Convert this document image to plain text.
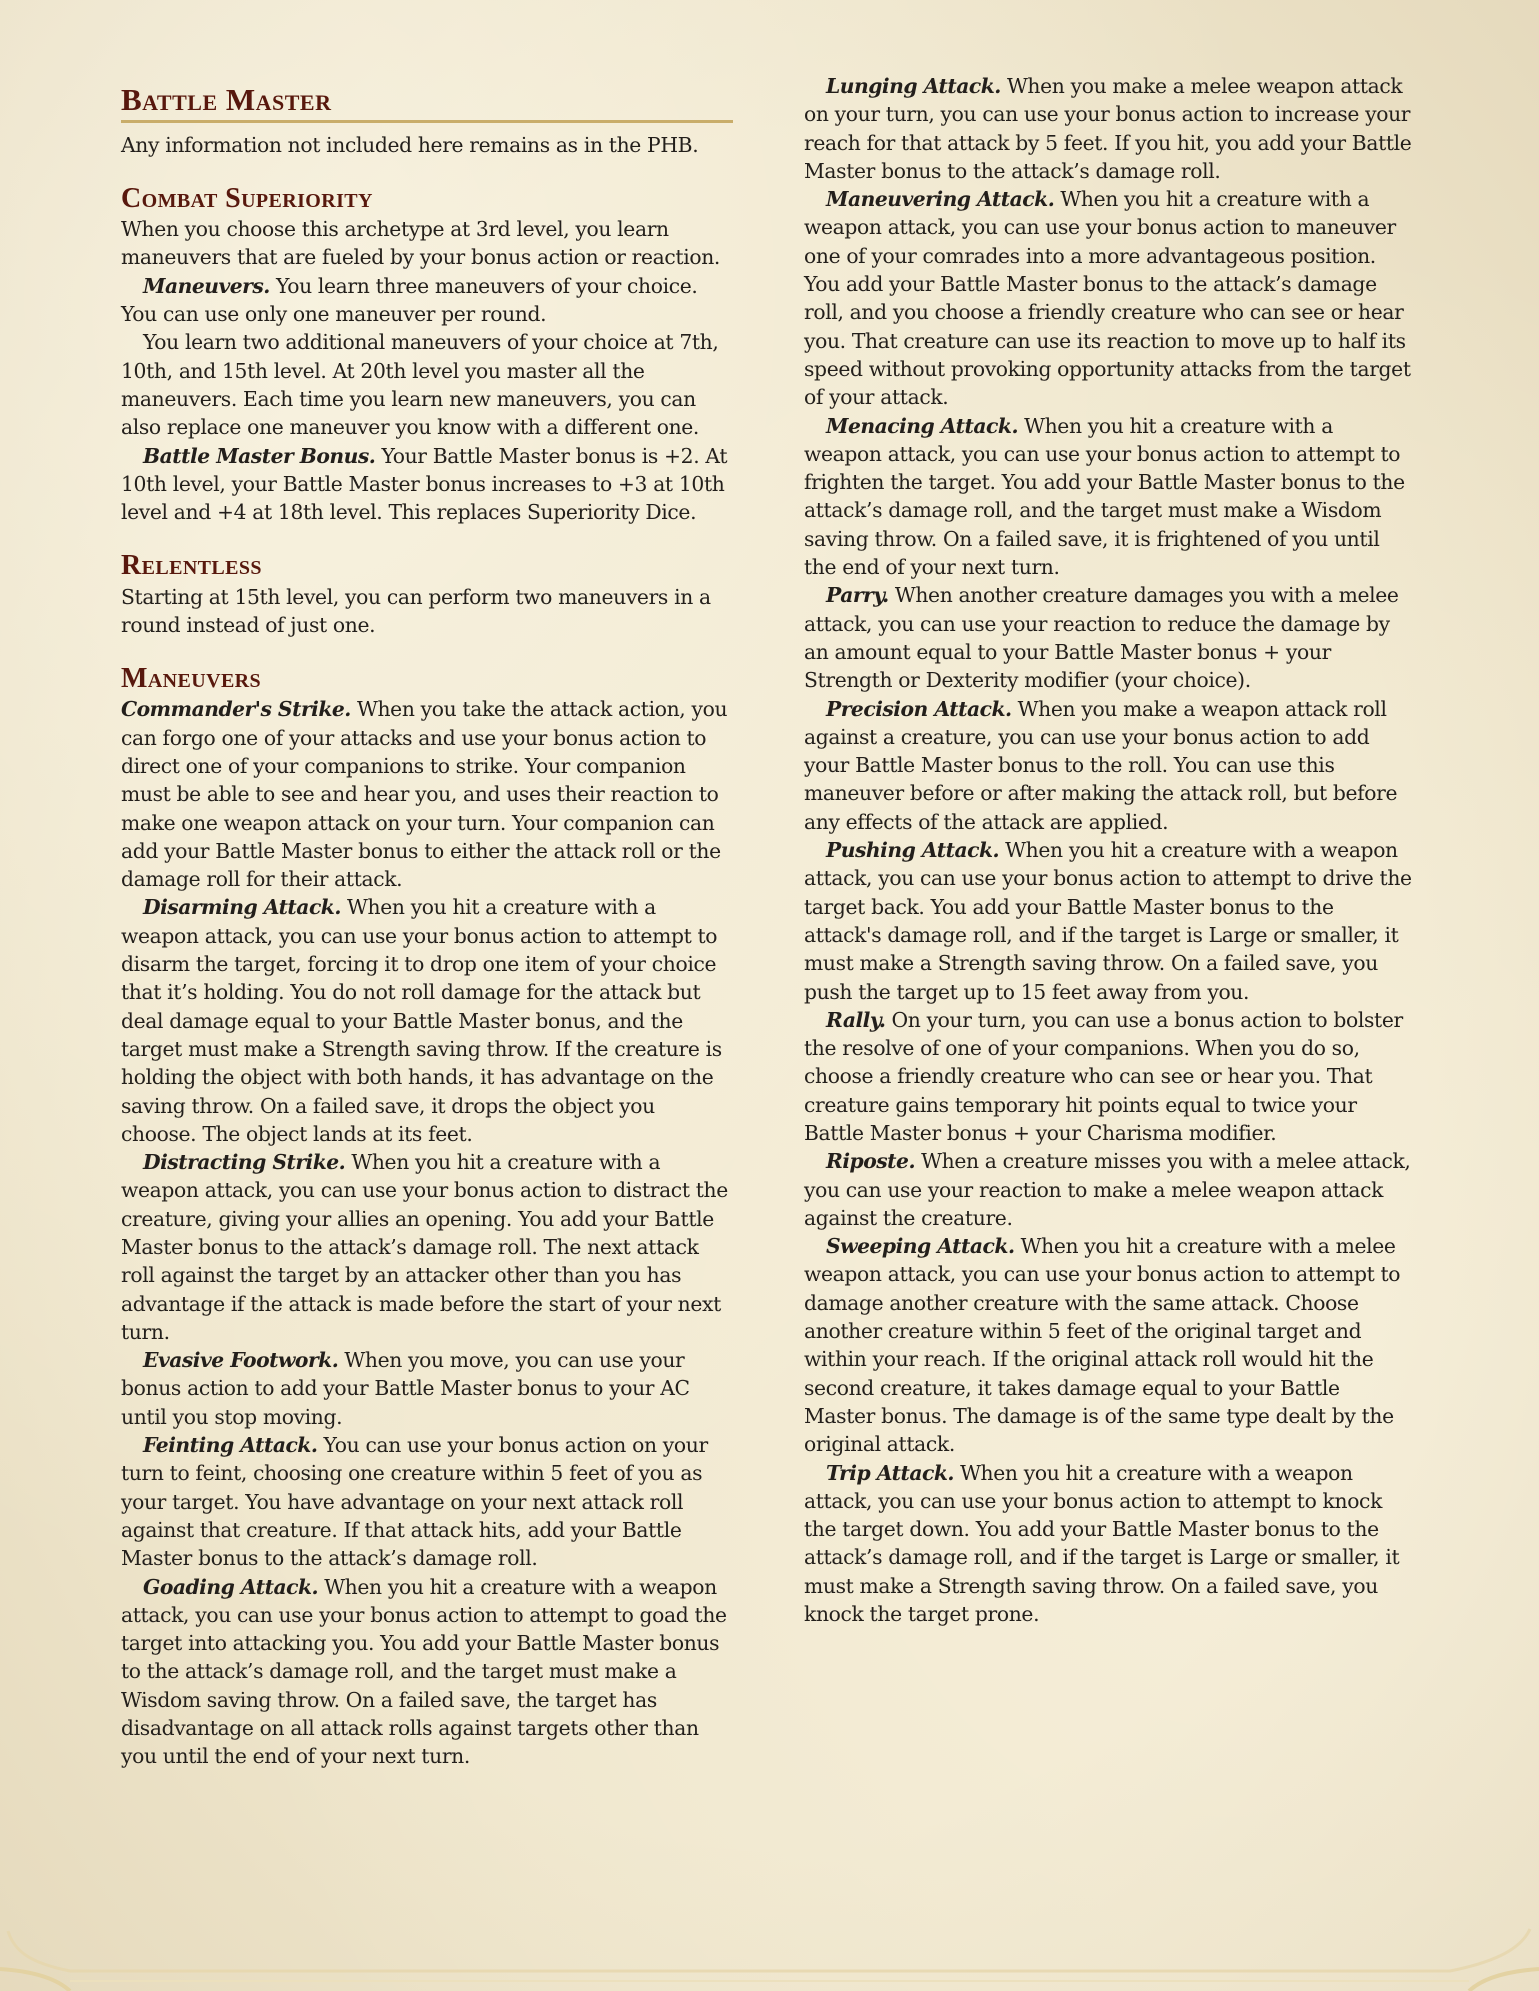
Battle Master

Any information not included here remains as in the PHB.

Combat Superiority

When you choose this archetype at 3rd level, you learn maneuvers that are fueled by your bonus action or reaction.

Maneuvers. You learn three maneuvers of your choice. You can use only one maneuver per round.

You learn two additional maneuvers of your choice at 7th, 10th, and 15th level. At 20th level you master all the maneuvers. Each time you learn new maneuvers, you can also replace one maneuver you know with a different one.

Battle Master Bonus. Your Battle Master bonus is +2. At 10th level, your Battle Master bonus increases to +3 at 10th level and +4 at 18th level. This replaces Superiority Dice.

Relentless

Starting at 15th level, you can perform two maneuvers in a round instead of just one.

Maneuvers

Commander's Strike. When you take the attack action, you can forgo one of your attacks and use your bonus action to direct one of your companions to strike. Your companion must be able to see and hear you, and uses their reaction to make one weapon attack on your turn. Your companion can add your Battle Master bonus to either the attack roll or the damage roll for their attack.

Disarming Attack. When you hit a creature with a weapon attack, you can use your bonus action to attempt to disarm the target, forcing it to drop one item of your choice that it’s holding. You do not roll damage for the attack but deal damage equal to your Battle Master bonus, and the target must make a Strength saving throw. If the creature is holding the object with both hands, it has advantage on the saving throw. On a failed save, it drops the object you choose. The object lands at its feet.

Distracting Strike. When you hit a creature with a weapon attack, you can use your bonus action to distract the creature, giving your allies an opening. You add your Battle Master bonus to the attack’s damage roll. The next attack roll against the target by an attacker other than you has advantage if the attack is made before the start of your next turn.

Evasive Footwork. When you move, you can use your bonus action to add your Battle Master bonus to your AC until you stop moving.

Feinting Attack. You can use your bonus action on your turn to feint, choosing one creature within 5 feet of you as your target. You have advantage on your next attack roll against that creature. If that attack hits, add your Battle Master bonus to the attack’s damage roll.

Goading Attack. When you hit a creature with a weapon attack, you can use your bonus action to attempt to goad the target into attacking you. You add your Battle Master bonus to the attack’s damage roll, and the target must make a Wisdom saving throw. On a failed save, the target has disadvantage on all attack rolls against targets other than you until the end of your next turn.

Lunging Attack. When you make a melee weapon attack on your turn, you can use your bonus action to increase your reach for that attack by 5 feet. If you hit, you add your Battle Master bonus to the attack’s damage roll.

Maneuvering Attack. When you hit a creature with a weapon attack, you can use your bonus action to maneuver one of your comrades into a more advantageous position. You add your Battle Master bonus to the attack’s damage roll, and you choose a friendly creature who can see or hear you. That creature can use its reaction to move up to half its speed without provoking opportunity attacks from the target of your attack.

Menacing Attack. When you hit a creature with a weapon attack, you can use your bonus action to attempt to frighten the target. You add your Battle Master bonus to the attack’s damage roll, and the target must make a Wisdom saving throw. On a failed save, it is frightened of you until the end of your next turn.

Parry. When another creature damages you with a melee attack, you can use your reaction to reduce the damage by an amount equal to your Battle Master bonus + your Strength or Dexterity modifier (your choice).

Precision Attack. When you make a weapon attack roll against a creature, you can use your bonus action to add your Battle Master bonus to the roll. You can use this maneuver before or after making the attack roll, but before any effects of the attack are applied.

Pushing Attack. When you hit a creature with a weapon attack, you can use your bonus action to attempt to drive the target back. You add your Battle Master bonus to the attack's damage roll, and if the target is Large or smaller, it must make a Strength saving throw. On a failed save, you push the target up to 15 feet away from you.

Rally. On your turn, you can use a bonus action to bolster the resolve of one of your companions. When you do so, choose a friendly creature who can see or hear you. That creature gains temporary hit points equal to twice your Battle Master bonus + your Charisma modifier.

Riposte. When a creature misses you with a melee attack, you can use your reaction to make a melee weapon attack against the creature.

Sweeping Attack. When you hit a creature with a melee weapon attack, you can use your bonus action to attempt to damage another creature with the same attack. Choose another creature within 5 feet of the original target and within your reach. If the original attack roll would hit the second creature, it takes damage equal to your Battle Master bonus. The damage is of the same type dealt by the original attack.

Trip Attack. When you hit a creature with a weapon attack, you can use your bonus action to attempt to knock the target down. You add your Battle Master bonus to the attack’s damage roll, and if the target is Large or smaller, it must make a Strength saving throw. On a failed save, you knock the target prone.
